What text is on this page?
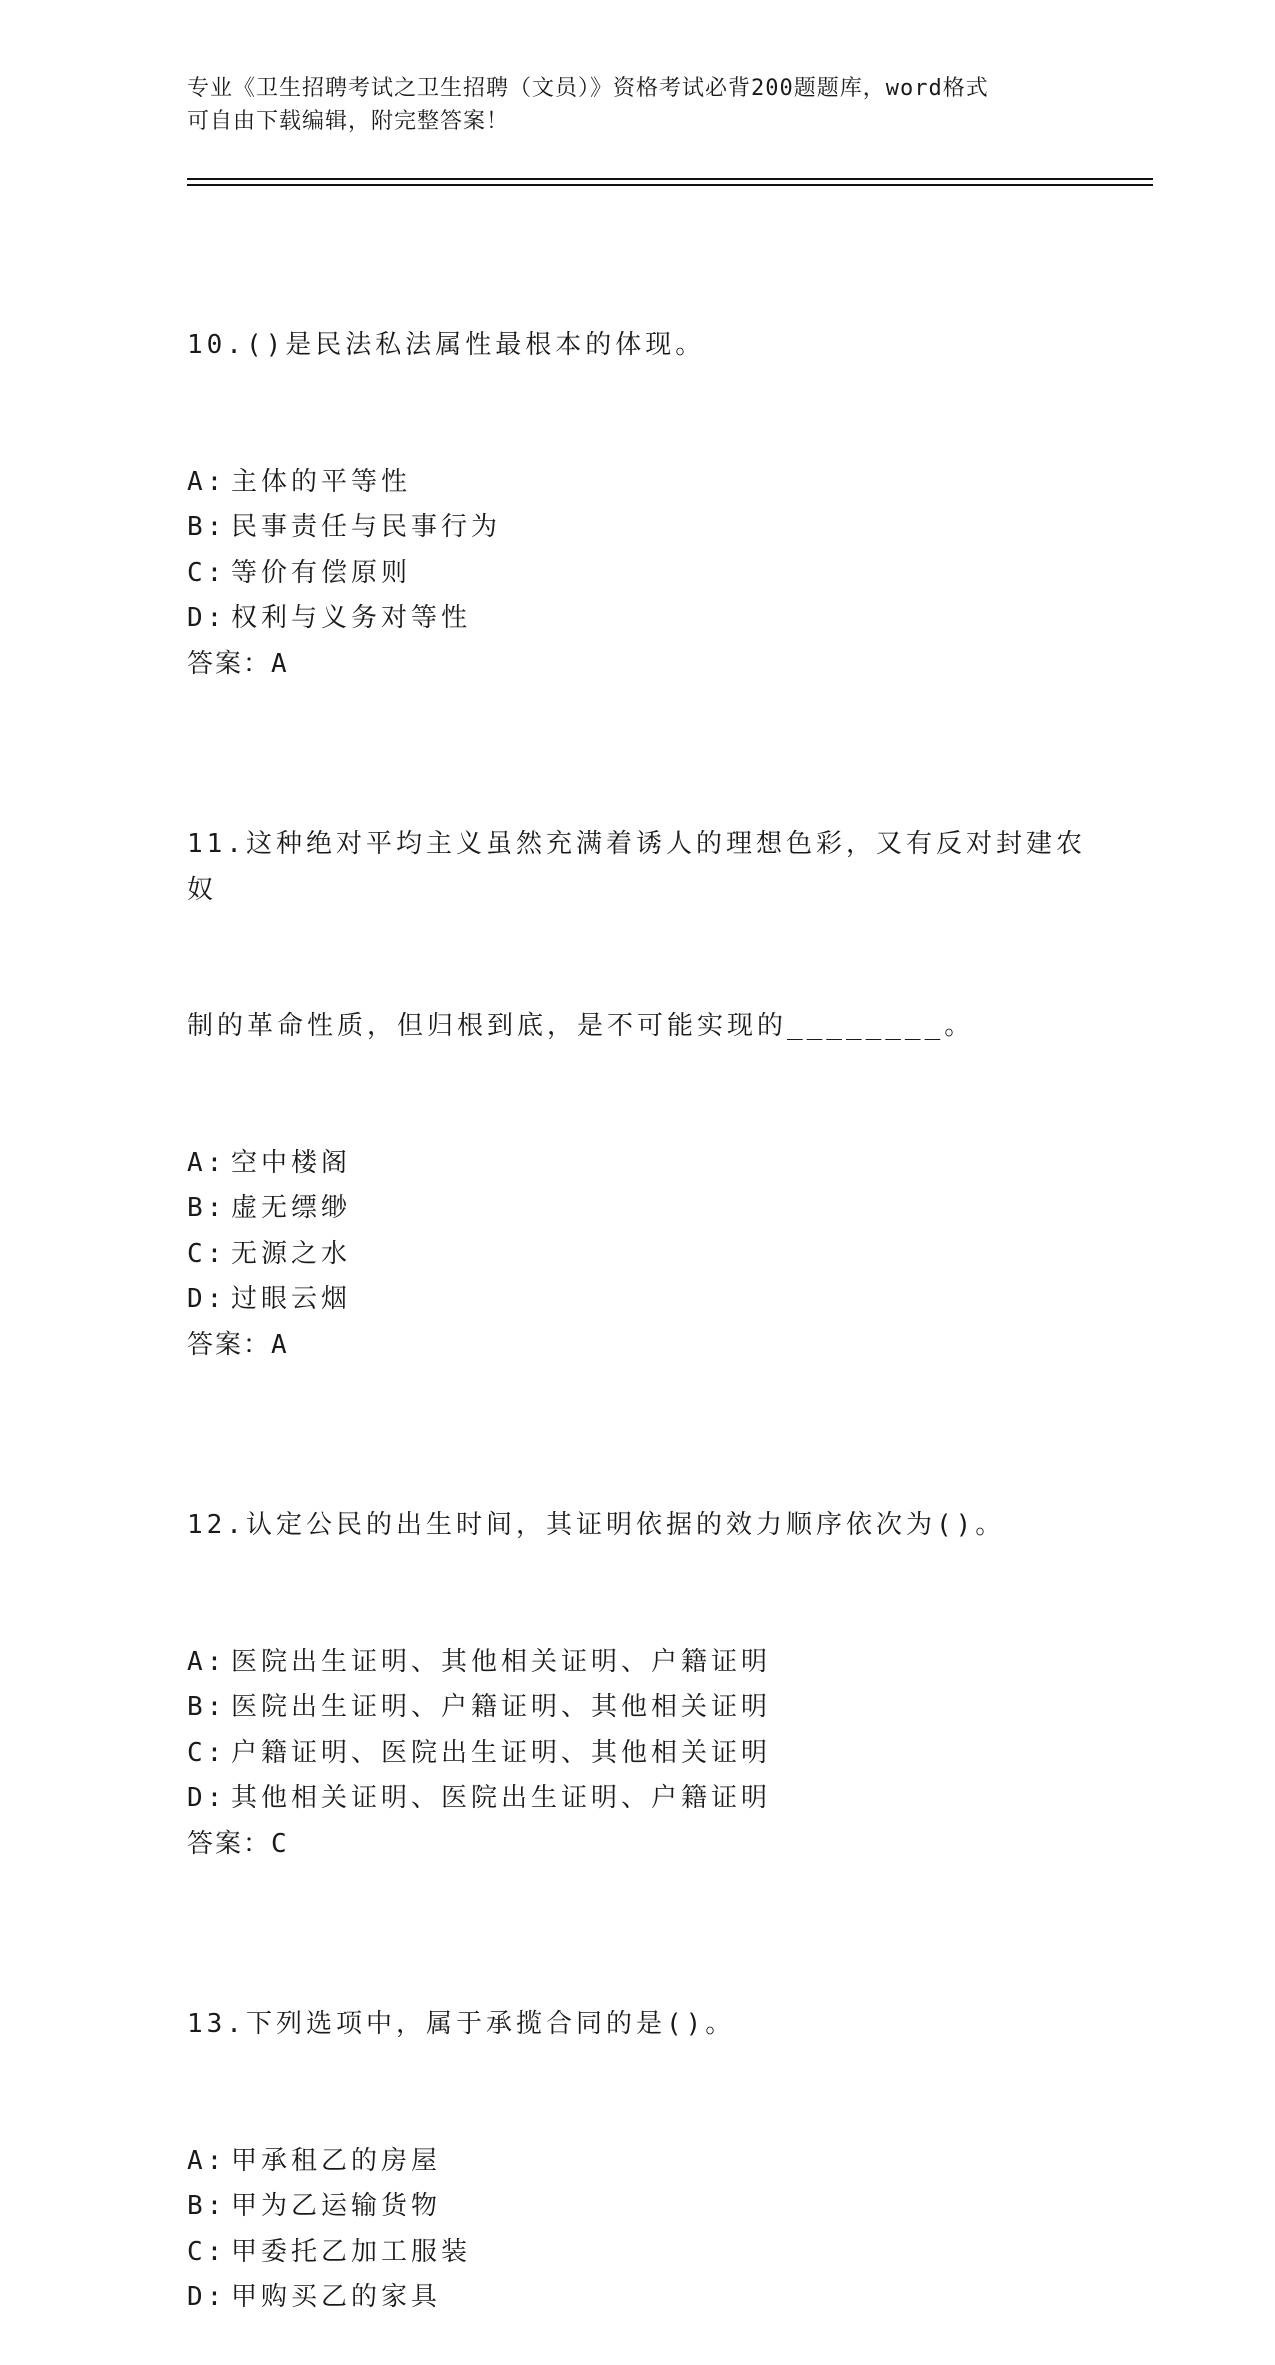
专业《卫生招聘考试之卫生招聘（文员）》资格考试必背200题题库，word格式
可自由下载编辑，附完整答案！

10.()是民法私法属性最根本的体现。

A: 主体的平等性
B: 民事责任与民事行为
C: 等价有偿原则
D: 权利与义务对等性
答案：A

11.这种绝对平均主义虽然充满着诱人的理想色彩，又有反对封建农奴

制的革命性质，但归根到底，是不可能实现的________。

A: 空中楼阁
B: 虚无缥缈
C: 无源之水
D: 过眼云烟
答案：A

12.认定公民的出生时间，其证明依据的效力顺序依次为()。

A: 医院出生证明、其他相关证明、户籍证明
B: 医院出生证明、户籍证明、其他相关证明
C: 户籍证明、医院出生证明、其他相关证明
D: 其他相关证明、医院出生证明、户籍证明
答案：C

13.下列选项中，属于承揽合同的是()。

A: 甲承租乙的房屋
B: 甲为乙运输货物
C: 甲委托乙加工服装
D: 甲购买乙的家具
